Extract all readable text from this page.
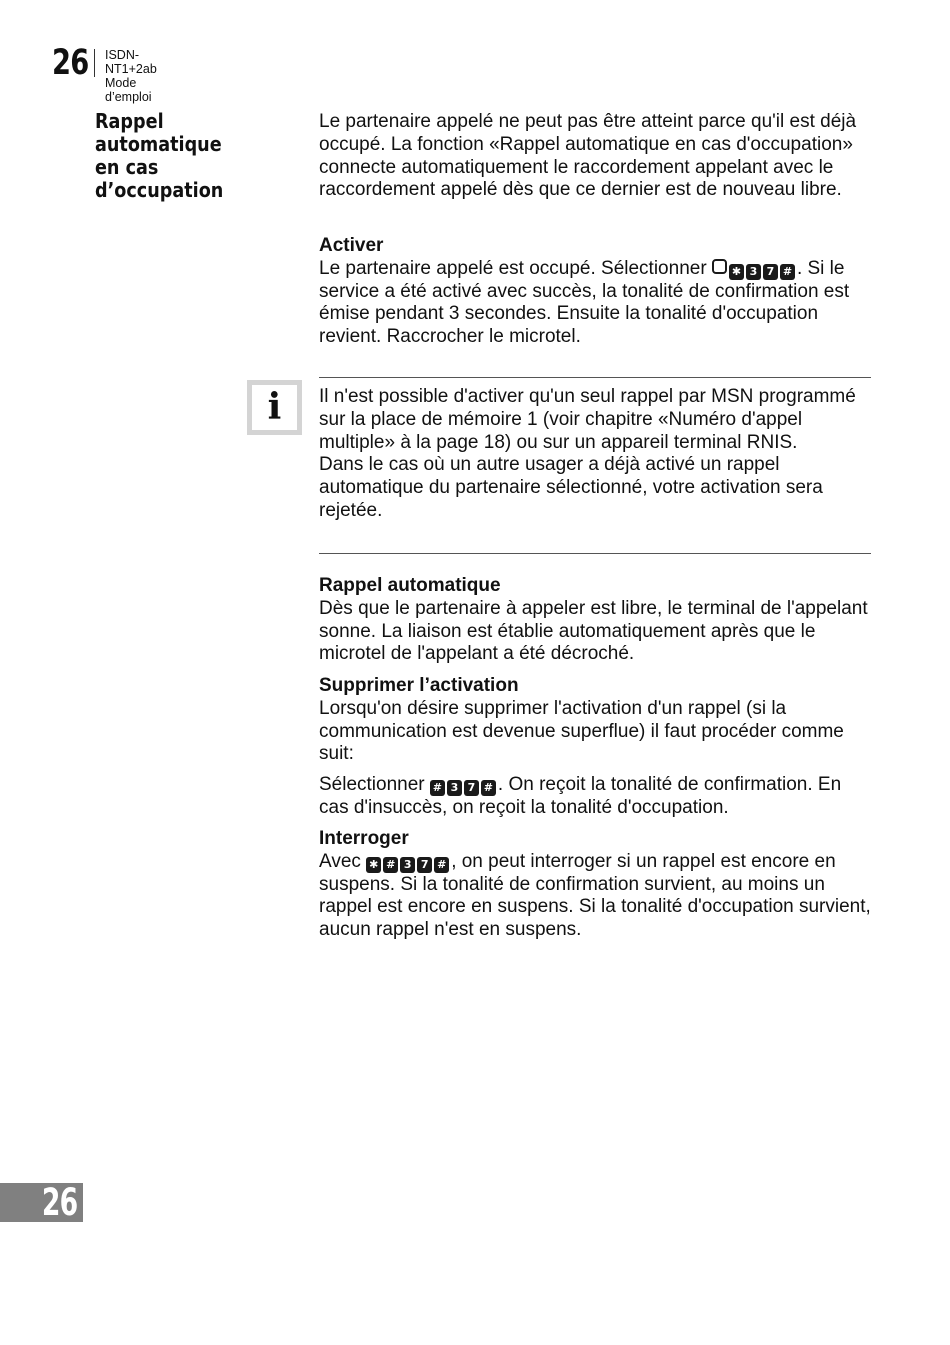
26 ISDN-NT1+2ab
Mode d’emploi
Rappel automatique
en cas d’occupation

Le partenaire appelé ne peut pas être atteint parce qu'il est déjà occupé. La fonction «Rappel automatique en cas d'occupation» connecte automatiquement le raccordement appelant avec le raccordement appelé dès que ce dernier est de nouveau libre.

Activer

Le partenaire appelé est occupé. Sélectionner ✱ 3 7 # . Si le service a été activé avec succès, la tonalité de confirmation est émise pendant 3 secondes. Ensuite la tonalité d'occupation revient. Raccrocher le microtel.

i	Il n'est possible d'activer qu'un seul rappel par MSN programmé sur la place de mémoire 1 (voir chapitre «Numéro d'appel multiple» à la page 18) ou sur un appareil terminal RNIS.

Dans le cas où un autre usager a déjà activé un rappel automatique du partenaire sélectionné, votre activation sera rejetée.

Rappel automatique

Dès que le partenaire à appeler est libre, le terminal de l'appelant sonne. La liaison est établie automatiquement après que le microtel de l'appelant a été décroché.

Supprimer l’activation

Lorsqu'on désire supprimer l'activation d'un rappel (si la communication est devenue superflue) il faut procéder comme suit:

Sélectionner # 3 7 # . On reçoit la tonalité de confirmation. En cas d'insuccès, on reçoit la tonalité d'occupation.

Interroger

Avec ✱ # 3 7 # , on peut interroger si un rappel est encore en suspens. Si la tonalité de confirmation survient, au moins un rappel est encore en suspens. Si la tonalité d'occupation survient, aucun rappel n'est en suspens.

26
